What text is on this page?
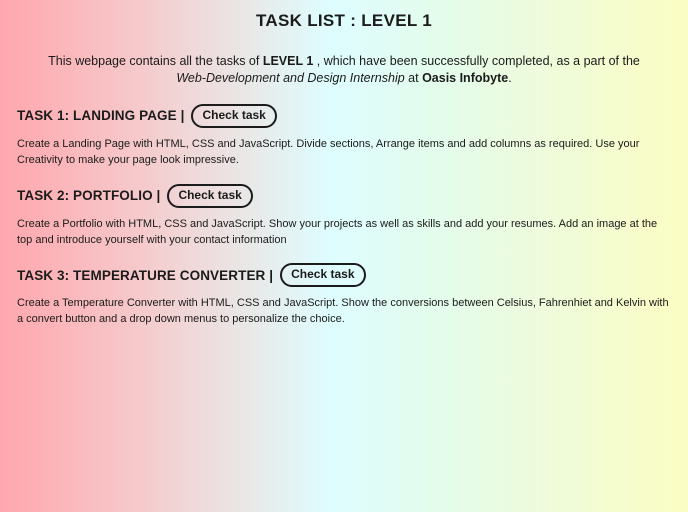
TASK LIST : LEVEL 1

This webpage contains all the tasks of LEVEL 1 , which have been successfully completed, as a part of the
Web-Development and Design Internship at Oasis Infobyte.

TASK 1: LANDING PAGE |	Check task

Create a Landing Page with HTML, CSS and JavaScript. Divide sections, Arrange items and add columns as required. Use your Creativity to make your page look impressive.

TASK 2: PORTFOLIO |	Check task

Create a Portfolio with HTML, CSS and JavaScript. Show your projects as well as skills and add your resumes. Add an image at the top and introduce yourself with your contact information

TASK 3: TEMPERATURE CONVERTER |	Check task

Create a Temperature Converter with HTML, CSS and JavaScript. Show the conversions between Celsius, Fahrenhiet and Kelvin with a convert button and a drop down menus to personalize the choice.
